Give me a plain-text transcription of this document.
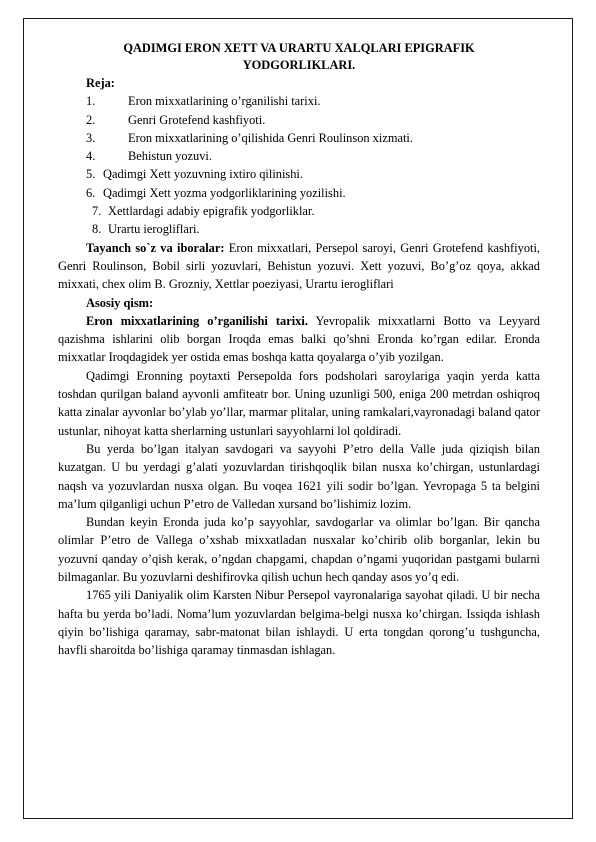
QADIMGI ERON XETT VA URARTU XALQLARI EPIGRAFIK YODGORLIKLARI.
Reja:
1.	Eron mixxatlarining o’rganilishi tarixi.
2.	Genri Grotefend kashfiyoti.
3.	Eron mixxatlarining o’qilishida Genri Roulinson xizmati.
4.	Behistun yozuvi.
5. Qadimgi Xett yozuvning ixtiro qilinishi.
6. Qadimgi Xett yozma yodgorliklarining yozilishi.
7. Xettlardagi adabiy epigrafik yodgorliklar.
8. Urartu ierogliflari.

Tayanch so`z va iboralar: Eron mixxatlari, Persepol saroyi, Genri Grotefend kashfiyoti, Genri Roulinson, Bobil sirli yozuvlari, Behistun yozuvi. Xett yozuvi, Bo’g’oz qoya, akkad mixxati, chex olim B. Grozniy, Xettlar poeziyasi, Urartu ierogliflari

Asosiy qism:

Eron mixxatlarining o’rganilishi tarixi. Yevropalik mixxatlarni Botto va Leyyard qazishma ishlarini olib borgan Iroqda emas balki qo’shni Eronda ko’rgan edilar. Eronda mixxatlar Iroqdagidek yer ostida emas boshqa katta qoyalarga o’yib yozilgan.

Qadimgi Eronning poytaxti Persepolda fors podsholari saroylariga yaqin yerda katta toshdan qurilgan baland ayvonli amfiteatr bor. Uning uzunligi 500, eniga 200 metrdan oshiqroq katta zinalar ayvonlar bo’ylab yo’llar, marmar plitalar, uning ramkalari,vayronadagi baland qator ustunlar, nihoyat katta sherlarning ustunlari sayyohlarni lol qoldiradi.

Bu yerda bo’lgan italyan savdogari va sayyohi P’etro della Valle juda qiziqish bilan kuzatgan. U bu yerdagi g’alati yozuvlardan tirishqoqlik bilan nusxa ko’chirgan, ustunlardagi naqsh va yozuvlardan nusxa olgan. Bu voqea 1621 yili sodir bo’lgan. Yevropaga 5 ta belgini ma’lum qilganligi uchun P’etro de Valledan xursand bo’lishimiz lozim.

Bundan keyin Eronda juda ko’p sayyohlar, savdogarlar va olimlar bo’lgan. Bir qancha olimlar P’etro de Vallega o’xshab mixxatladan nusxalar ko’chirib olib borganlar, lekin bu yozuvni qanday o’qish kerak, o’ngdan chapgami, chapdan o’ngami yuqoridan pastgami bularni bilmaganlar. Bu yozuvlarni deshifirovka qilish uchun hech qanday asos yo’q edi.

1765 yili Daniyalik olim Karsten Nibur Persepol vayronalariga sayohat qiladi. U bir necha hafta bu yerda bo’ladi. Noma’lum yozuvlardan belgima-belgi nusxa ko’chirgan. Issiqda ishlash qiyin bo’lishiga qaramay, sabr-matonat bilan ishlaydi. U erta tongdan qorong’u tushguncha, havfli sharoitda bo’lishiga qaramay tinmasdan ishlagan.
